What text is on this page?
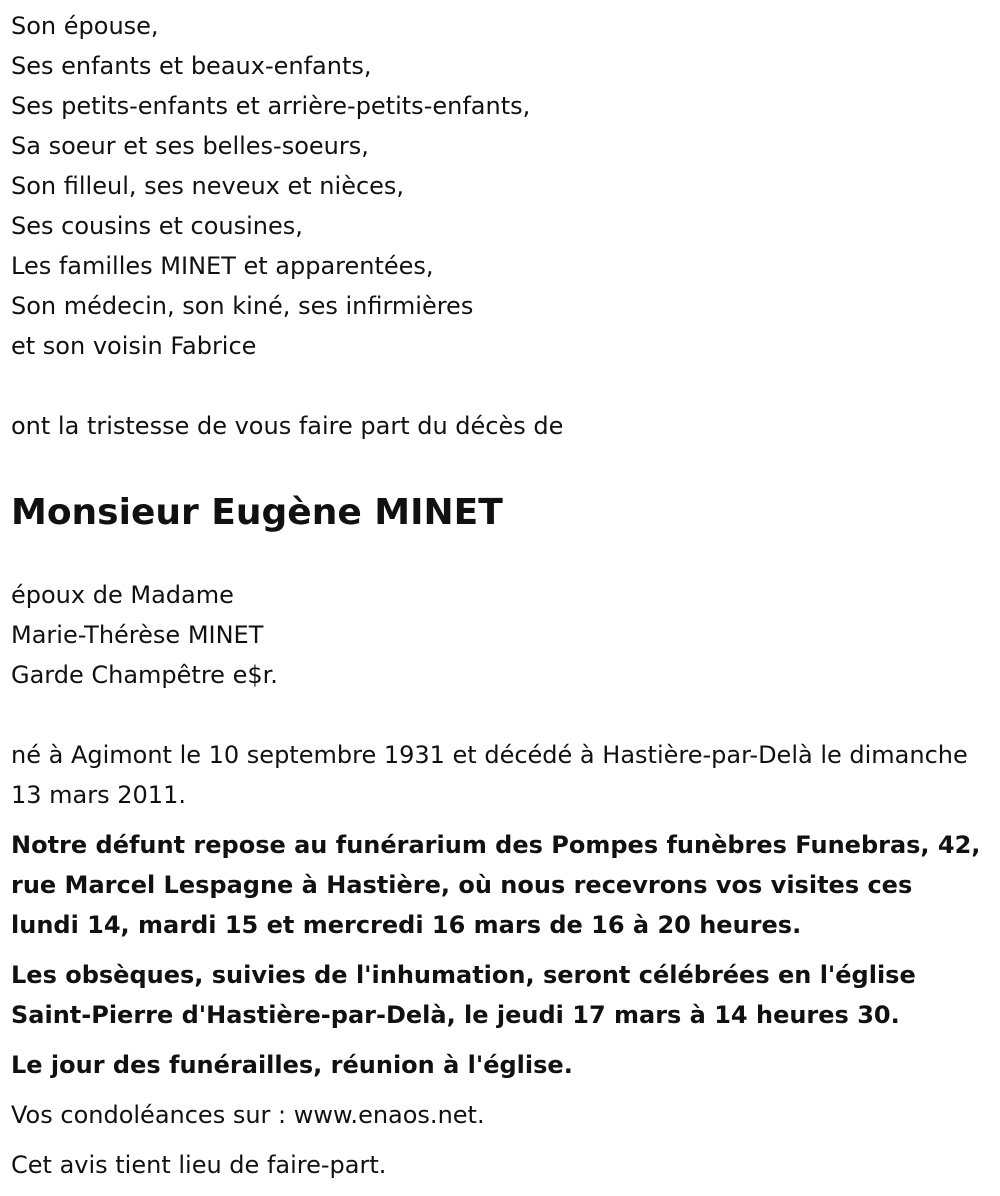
Son épouse,
Ses enfants et beaux-enfants,
Ses petits-enfants et arrière-petits-enfants,
Sa soeur et ses belles-soeurs,
Son filleul, ses neveux et nièces,
Ses cousins et cousines,
Les familles MINET et apparentées,
Son médecin, son kiné, ses infirmières
et son voisin Fabrice
ont la tristesse de vous faire part du décès de
Monsieur Eugène MINET
époux de Madame
Marie-Thérèse MINET
Garde Champêtre e$r.
né à Agimont le 10 septembre 1931 et décédé à Hastière-par-Delà le dimanche 13 mars 2011.
Notre défunt repose au funérarium des Pompes funèbres Funebras, 42, rue Marcel Lespagne à Hastière, où nous recevrons vos visites ces lundi 14, mardi 15 et mercredi 16 mars de 16 à 20 heures.
Les obsèques, suivies de l'inhumation, seront célébrées en l'église Saint-Pierre d'Hastière-par-Delà, le jeudi 17 mars à 14 heures 30.
Le jour des funérailles, réunion à l'église.
Vos condoléances sur : www.enaos.net.
Cet avis tient lieu de faire-part.
